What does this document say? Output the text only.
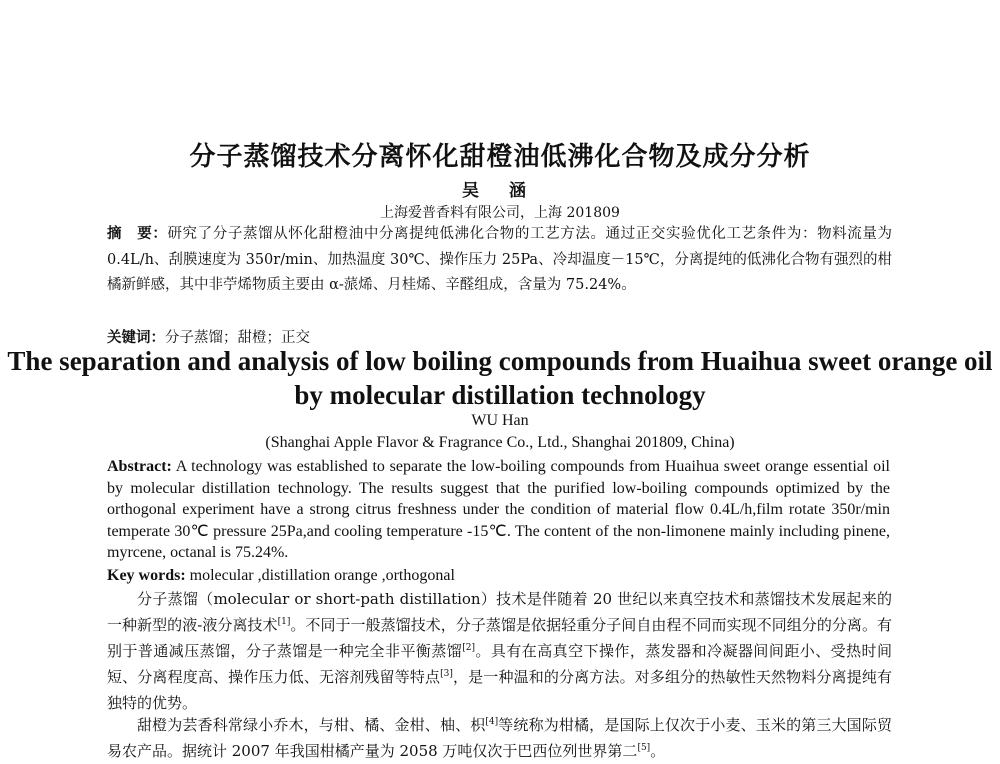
分子蒸馏技术分离怀化甜橙油低沸化合物及成分分析
吴 涵
上海爱普香料有限公司，上海 201809
摘　要：研究了分子蒸馏从怀化甜橙油中分离提纯低沸化合物的工艺方法。通过正交实验优化工艺条件为：物料流量为 0.4L/h、刮膜速度为 350r/min、加热温度 30℃、操作压力 25Pa、冷却温度－15℃，分离提纯的低沸化合物有强烈的柑橘新鲜感，其中非苧烯物质主要由 α-蒎烯、月桂烯、辛醛组成，含量为 75.24%。
关键词：分子蒸馏；甜橙；正交
The separation and analysis of low boiling compounds from Huaihua sweet orange oil by molecular distillation technology
WU Han
(Shanghai Apple Flavor & Fragrance Co., Ltd., Shanghai 201809, China)
Abstract: A technology was established to separate the low-boiling compounds from Huaihua sweet orange essential oil by molecular distillation technology. The results suggest that the purified low-boiling compounds optimized by the orthogonal experiment have a strong citrus freshness under the condition of material flow 0.4L/h,film rotate 350r/min temperate 30℃ pressure 25Pa,and cooling temperature -15℃. The content of the non-limonene mainly including pinene, myrcene, octanal is 75.24%.
Key words: molecular ,distillation orange ,orthogonal
分子蒸馏（molecular or short-path distillation）技术是伴随着 20 世纪以来真空技术和蒸馏技术发展起来的一种新型的液-液分离技术[1]。不同于一般蒸馏技术，分子蒸馏是依据轻重分子间自由程不同而实现不同组分的分离。有别于普通减压蒸馏，分子蒸馏是一种完全非平衡蒸馏[2]。具有在高真空下操作，蒸发器和冷凝器间间距小、受热时间短、分离程度高、操作压力低、无溶剂残留等特点[3]，是一种温和的分离方法。对多组分的热敏性天然物料分离提纯有独特的优势。
甜橙为芸香科常绿小乔木，与柑、橘、金柑、柚、枳[4]等统称为柑橘，是国际上仅次于小麦、玉米的第三大国际贸易农产品。据统计 2007 年我国柑橘产量为 2058 万吨仅次于巴西位列世界第二[5]。
